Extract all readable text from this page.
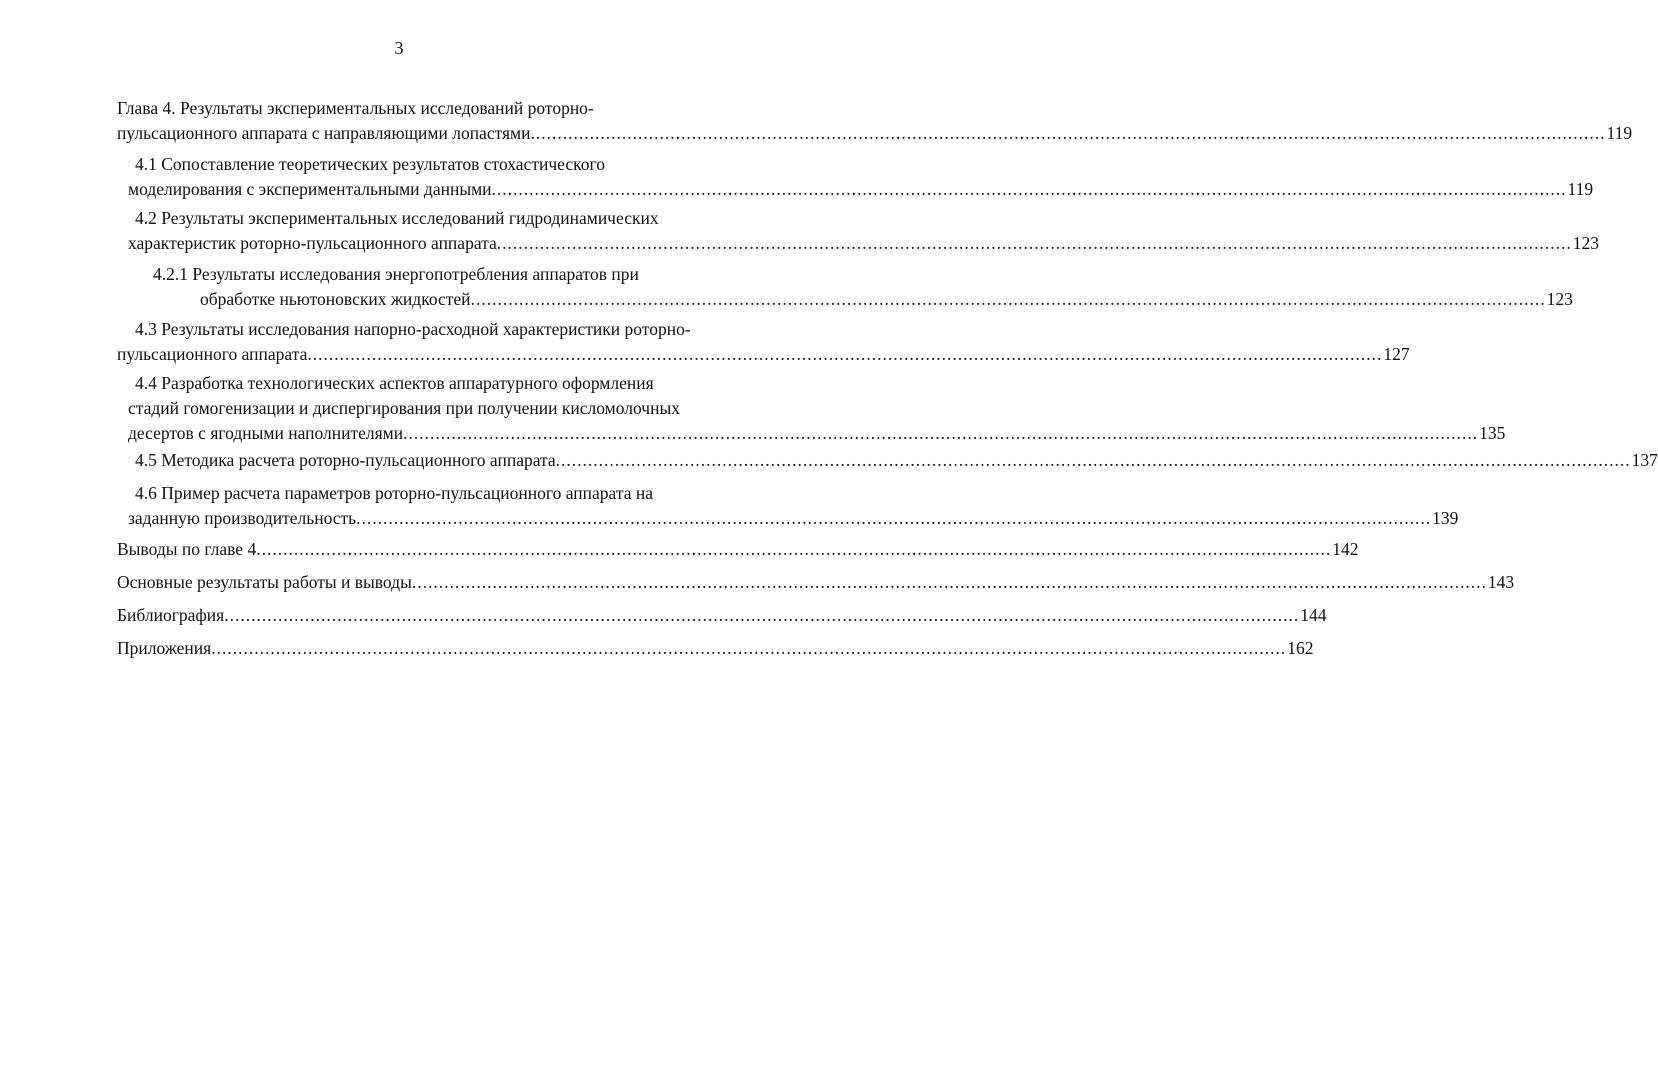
3
Глава 4. Результаты экспериментальных исследований роторно-
пульсационного аппарата с направляющими лопастями ........................................................................................................................................................................................................ 119
4.1 Сопоставление теоретических результатов стохастического
моделирования с экспериментальными данными ........................................................................................................................................................................................................ 119
4.2 Результаты экспериментальных исследований гидродинамических
характеристик роторно-пульсационного аппарата ........................................................................................................................................................................................................ 123
4.2.1 Результаты исследования энергопотребления аппаратов при
обработке ньютоновских жидкостей ........................................................................................................................................................................................................ 123
4.3 Результаты исследования напорно-расходной характеристики роторно-
пульсационного аппарата ........................................................................................................................................................................................................ 127
4.4 Разработка технологических аспектов аппаратурного оформления
стадий гомогенизации и диспергирования при получении кисломолочных
десертов с ягодными наполнителями ........................................................................................................................................................................................................ 135
4.5 Методика расчета роторно-пульсационного аппарата ........................................................................................................................................................................................................ 137
4.6 Пример расчета параметров роторно-пульсационного аппарата на
заданную производительность ........................................................................................................................................................................................................ 139
Выводы по главе 4 ........................................................................................................................................................................................................ 142
Основные результаты работы и выводы ........................................................................................................................................................................................................ 143
Библиография ........................................................................................................................................................................................................ 144
Приложения ........................................................................................................................................................................................................ 162
